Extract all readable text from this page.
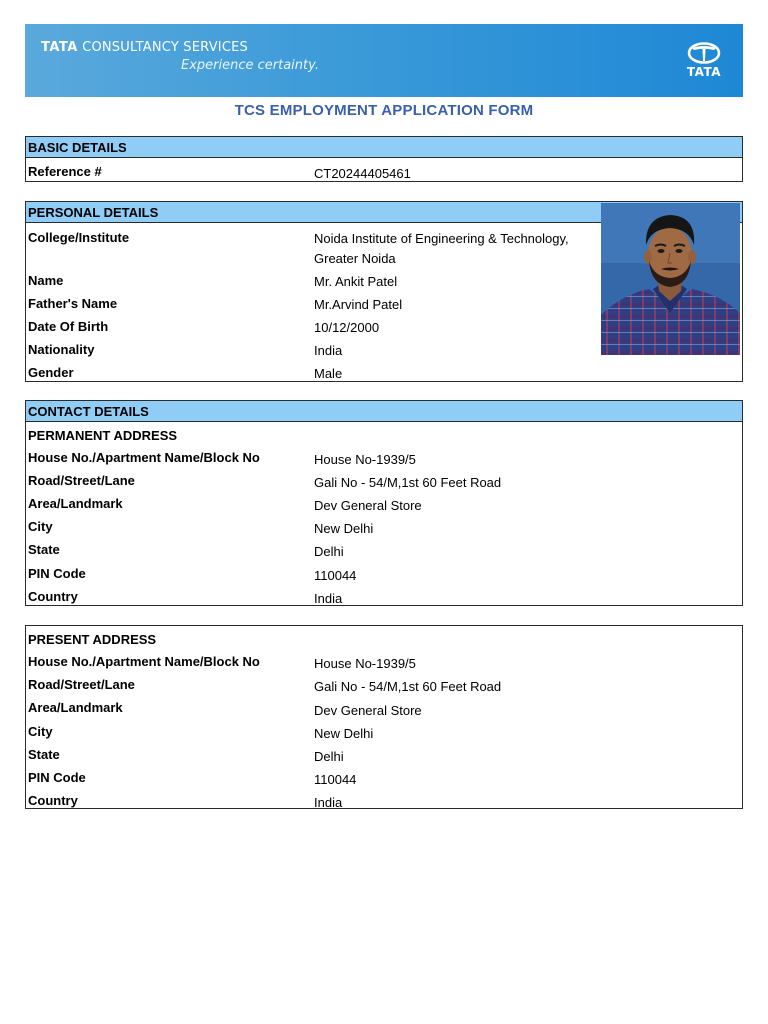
TATA CONSULTANCY SERVICES
Experience certainty.	TATA
TCS EMPLOYMENT APPLICATION FORM
BASIC DETAILS
Reference #	CT20244405461
PERSONAL DETAILS
College/Institute	Noida Institute of Engineering & Technology, Greater Noida
Name	Mr. Ankit Patel
Father's Name	Mr.Arvind Patel
Date Of Birth	10/12/2000
Nationality	India
Gender	Male
CONTACT DETAILS
PERMANENT ADDRESS
House No./Apartment Name/Block No	House No-1939/5
Road/Street/Lane	Gali No - 54/M,1st 60 Feet Road
Area/Landmark	Dev General Store
City	New Delhi
State	Delhi
PIN Code	110044
Country	India
PRESENT ADDRESS
House No./Apartment Name/Block No	House No-1939/5
Road/Street/Lane	Gali No - 54/M,1st 60 Feet Road
Area/Landmark	Dev General Store
City	New Delhi
State	Delhi
PIN Code	110044
Country	India
